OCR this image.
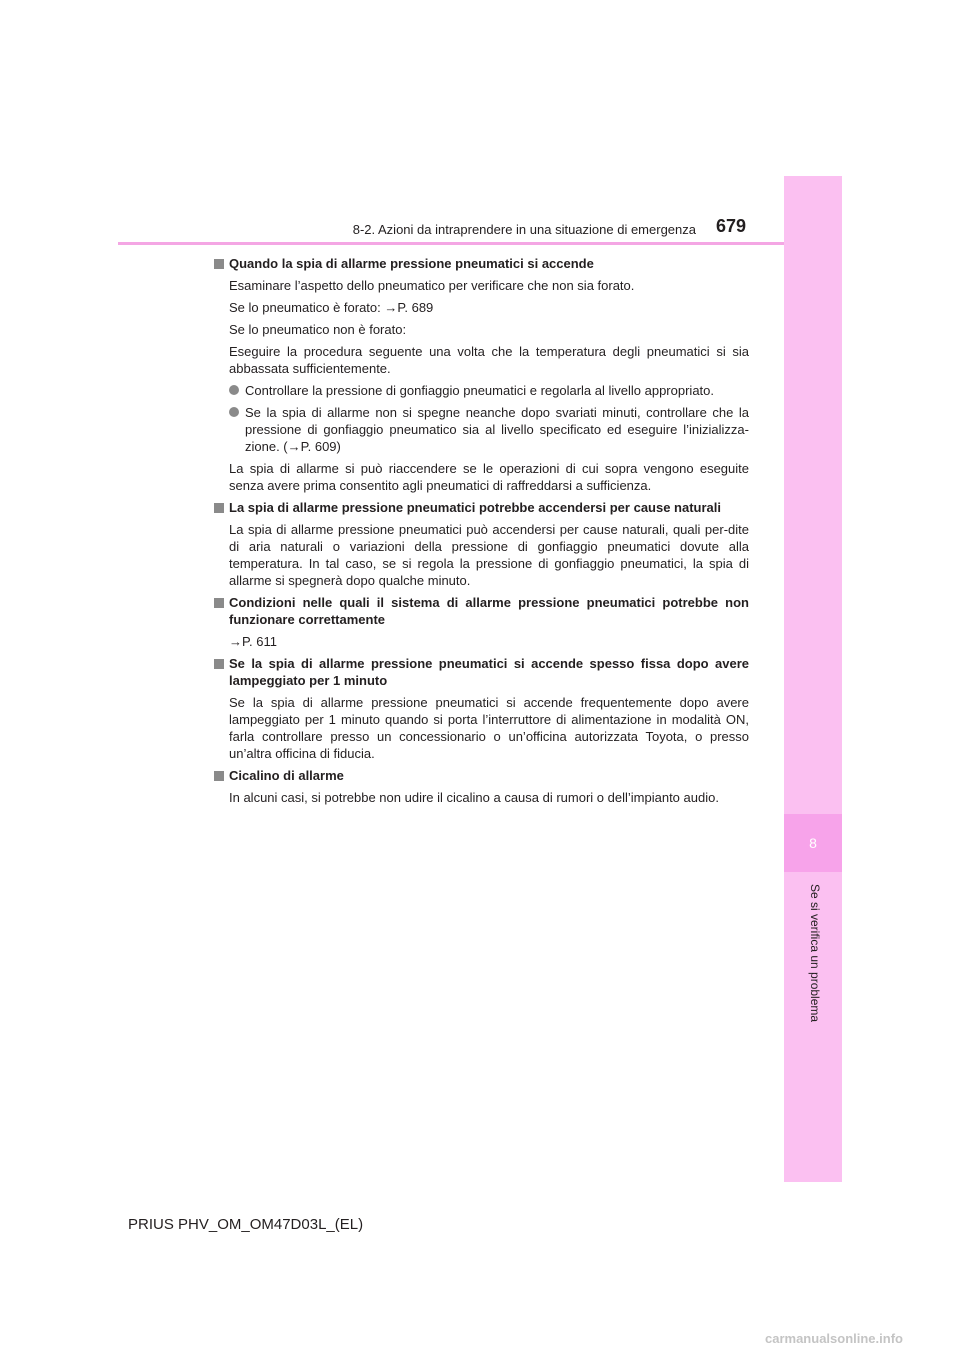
8
Se si verifica un problema
8-2. Azioni da intraprendere in una situazione di emergenza 679
Quando la spia di allarme pressione pneumatici si accende
Esaminare l’aspetto dello pneumatico per verificare che non sia forato.
Se lo pneumatico è forato: →P. 689
Se lo pneumatico non è forato:
Eseguire la procedura seguente una volta che la temperatura degli pneumatici si sia abbassata sufficientemente.
Controllare la pressione di gonfiaggio pneumatici e regolarla al livello appropriato.
Se la spia di allarme non si spegne neanche dopo svariati minuti, controllare che la pressione di gonfiaggio pneumatico sia al livello specificato ed eseguire l’inizializza-zione. (→P. 609)
La spia di allarme si può riaccendere se le operazioni di cui sopra vengono eseguite senza avere prima consentito agli pneumatici di raffreddarsi a sufficienza.
La spia di allarme pressione pneumatici potrebbe accendersi per cause naturali
La spia di allarme pressione pneumatici può accendersi per cause naturali, quali per-dite di aria naturali o variazioni della pressione di gonfiaggio pneumatici dovute alla temperatura. In tal caso, se si regola la pressione di gonfiaggio pneumatici, la spia di allarme si spegnerà dopo qualche minuto.
Condizioni nelle quali il sistema di allarme pressione pneumatici potrebbe non funzionare correttamente
→P. 611
Se la spia di allarme pressione pneumatici si accende spesso fissa dopo avere lampeggiato per 1 minuto
Se la spia di allarme pressione pneumatici si accende frequentemente dopo avere lampeggiato per 1 minuto quando si porta l’interruttore di alimentazione in modalità ON, farla controllare presso un concessionario o un’officina autorizzata Toyota, o presso un’altra officina di fiducia.
Cicalino di allarme
In alcuni casi, si potrebbe non udire il cicalino a causa di rumori o dell’impianto audio.
PRIUS PHV_OM_OM47D03L_(EL)
carmanualsonline.info
